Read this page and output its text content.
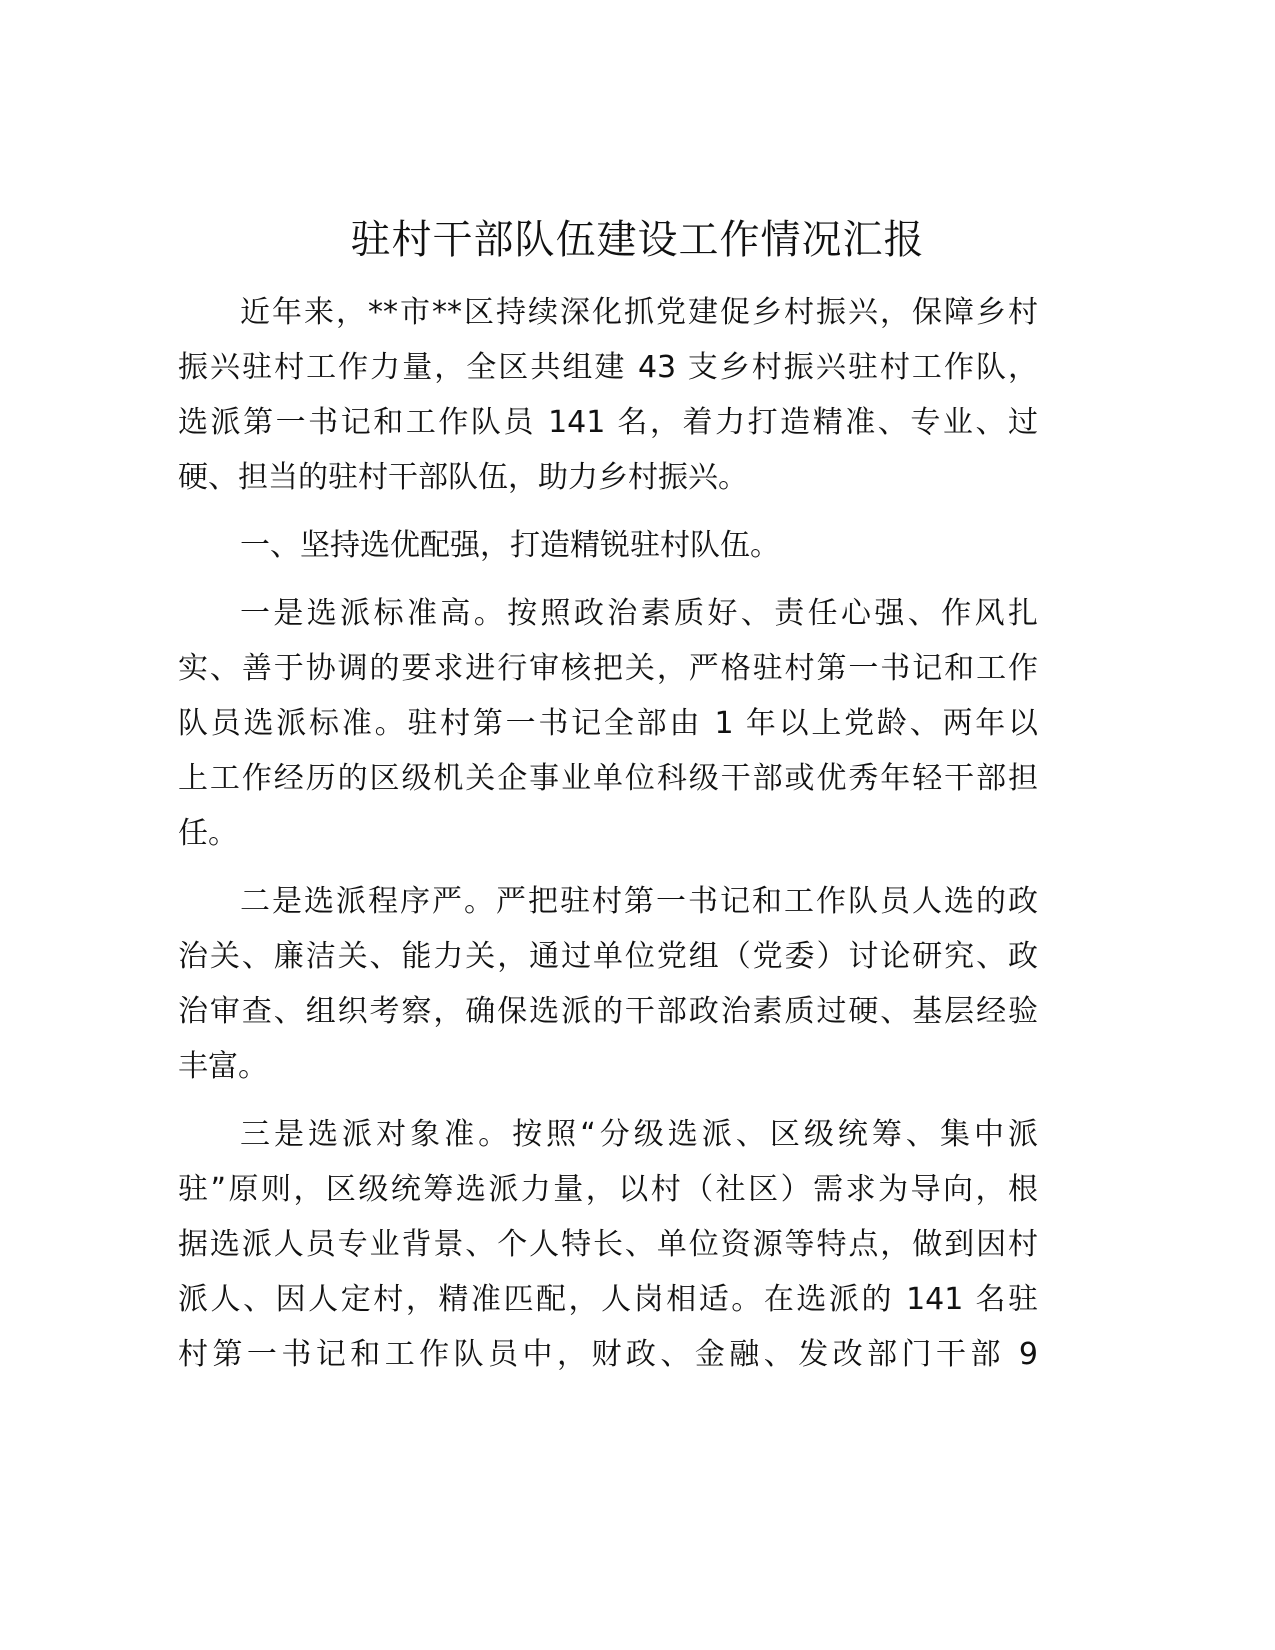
驻村干部队伍建设工作情况汇报
近年来，**市**区持续深化抓党建促乡村振兴，保障乡村
振兴驻村工作力量，全区共组建 43 支乡村振兴驻村工作队，
选派第一书记和工作队员 141 名，着力打造精准、专业、过
硬、担当的驻村干部队伍，助力乡村振兴。
一、坚持选优配强，打造精锐驻村队伍。
一是选派标准高。按照政治素质好、责任心强、作风扎
实、善于协调的要求进行审核把关，严格驻村第一书记和工作
队员选派标准。驻村第一书记全部由 1 年以上党龄、两年以
上工作经历的区级机关企事业单位科级干部或优秀年轻干部担
任。
二是选派程序严。严把驻村第一书记和工作队员人选的政
治关、廉洁关、能力关，通过单位党组（党委）讨论研究、政
治审查、组织考察，确保选派的干部政治素质过硬、基层经验
丰富。
三是选派对象准。按照“分级选派、区级统筹、集中派
驻”原则，区级统筹选派力量，以村（社区）需求为导向，根
据选派人员专业背景、个人特长、单位资源等特点，做到因村
派人、因人定村，精准匹配，人岗相适。在选派的 141 名驻
村第一书记和工作队员中，财政、金融、发改部门干部 9
